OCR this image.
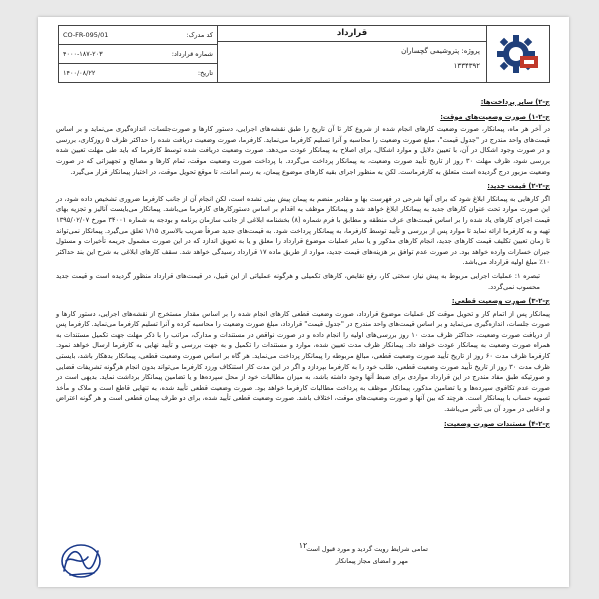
CO-FR-095/01	کد مدرک:
۴۰۰۰-۱۸۷-۲۰۳	شماره قرارداد:
۱۴۰۰/۰۸/۲۲	تاریخ:
قرارداد
پروژه: پتروشیمی گچساران
۱۳۳۴۳۹۲
ج-۲) سایر پرداخت‌ها:
ج-۲-۱) صورت وضعیت‌های موقت:

در آخر هر ماه، پیمانکار، صورت وضعیت کارهای انجام شده از شروع کار تا آن تاریخ را طبق نقشه‌های اجرایی، دستور کارها و صورت‌جلسات، اندازه‌گیری می‌نماید و بر اساس قیمت‌های واحد مندرج در "جدول قیمت"، مبلغ صورت وضعیت را محاسبه و آنرا تسلیم کارفرما می‌نماید. کارفرما، صورت وضعیت دریافت شده را حداکثر ظرف ۵ روزکاری، بررسی و در صورت وجود اشکال در آن، با تعیین دلایل و موارد اشکال، برای اصلاح به پیمانکار عودت می‌دهد. صورت وضعیت دریافت شده توسط کارفرما که باید طی مهلت تعیین شده بررسی شود، ظرف مهلت ۳۰ روز از تاریخ تأیید صورت وضعیت، به پیمانکار پرداخت می‌گردد. با پرداخت صورت وضعیت موقت، تمام کارها و مصالح و تجهیزاتی که در صورت وضعیت مزبور درج گردیده است متعلق به کارفرماست. لکن به منظور اجرای بقیه کارهای موضوع پیمان، به رسم امانت، تا موقع تحویل موقت، در اختیار پیمانکار قرار می‌گیرد.

ج-۲-۲) قیمت جدید:

اگر کارهایی به پیمانکار ابلاغ شود که برای آنها شرحی در فهرست بها و مقادیر منضم به پیمان پیش بینی نشده است، لکن انجام آن از جانب کارفرما ضروری تشخیص داده شود، در این صورت موارد تحت عنوان کارهای جدید به پیمانکار ابلاغ خواهد شد و پیمانکار موظف به اقدام بر اساس دستورکارهای کارفرما می‌باشد. پیمانکار می‌بایست آنالیز و تجزیه بهای قیمت اجرای کارهای یاد شده را بر اساس قیمت‌های عرف منطقه و مطابق با فرم شماره (۸) بخشنامه ابلاغی از جانب سازمان برنامه و بودجه به شماره ۳۴۰۰۱ مورخ ۱۳۹۵/۰۲/۰۷ تهیه و به کارفرما ارائه نماید تا موارد پس از بررسی و تأیید توسط کارفرما، به پیمانکار پرداخت شود. به قیمت‌های جدید صرفاً ضریب بالاسری ۱/۱۵ تعلق می‌گیرد. پیمانکار نمی‌تواند تا زمان تعیین تکلیف قیمت کارهای جدید، انجام کارهای مذکور و یا سایر عملیات موضوع قرارداد را معلق و یا به تعویق اندازد که در این صورت مشمول جریمه تأخیرات و مسئول جبران خسارات وارده خواهد بود. در صورت عدم توافق بر هزینه‌های قیمت جدید، موارد از طریق ماده ۱۷ قرارداد رسیدگی خواهد شد. سقف کارهای ابلاغی به شرح این بند حداکثر ۱۰٪ مبلغ اولیه قرارداد می‌باشد.

تبصره ۱: عملیات اجرایی مربوط به پیش نیاز، سختی کار، رفع نقایص، کارهای تکمیلی و هرگونه عملیاتی از این قبیل، در قیمت‌های قرارداد منظور گردیده است و قیمت جدید محسوب نمی‌گردد.

ج-۲-۳) صورت وضعیت قطعی:

پیمانکار پس از اتمام کار و تحویل موقت کل عملیات موضوع قرارداد، صورت وضعیت قطعی کارهای انجام شده را بر اساس مقدار مستخرج از نقشه‌های اجرایی، دستور کارها و صورت جلسات، اندازه‌گیری می‌نماید و بر اساس قیمت‌های واحد مندرج در "جدول قیمت" قرارداد، مبلغ صورت وضعیت را محاسبه کرده و آنرا تسلیم کارفرما می‌نماید. کارفرما پس از دریافت صورت وضعیت، حداکثر ظرف مدت ۱۰ روز بررسی‌های اولیه را انجام داده و در صورت نواقص در مستندات و مدارک، مراتب را با ذکر مهلت جهت تکمیل مستندات به همراه صورت وضعیت به پیمانکار عودت خواهد داد. پیمانکار ظرف مدت تعیین شده، موارد و مستندات را تکمیل و به جهت بررسی و تأیید نهایی به کارفرما ارسال خواهد نمود. کارفرما ظرف مدت ۶۰ روز از تاریخ تأیید صورت وضعیت قطعی، مبالغ مربوطه را پیمانکار پرداخت می‌نماید. هر گاه بر اساس صورت وضعیت قطعی، پیمانکار بدهکار باشد، بایستی ظرف مدت ۳۰ روز از تاریخ تأیید صورت وضعیت قطعی، طلب خود را به کارفرما بپردازد و اگر در این مدت کار استنکاف ورزد کارفرما می‌تواند بدون انجام هرگونه تشریفات قضایی و صورتیکه طبق مفاد مندرج در این قرارداد مواردی برای ضبط آنها وجود داشته باشد، به میزان مطالبات خود از محل سپرده‌ها و یا تضامین پیمانکار برداشت نماید. بدیهی است در صورت عدم تکافوی سپرده‌ها و یا تضامین مذکور، پیمانکار موظف به پرداخت مطالبات کارفرما خواهد بود. صورت وضعیت قطعی تأیید شده، به تنهایی قاطع است و ملاک و مأخذ تسویه حساب با پیمانکار است. هرچند که بین آنها و صورت وضعیت‌های موقت، اختلاف باشد. صورت وضعیت قطعی تأیید شده، برای دو طرف پیمان قطعی است و هر گونه اعتراض و ادعایی در مورد آن بی تأثیر می‌باشد.

ج-۲-۴) مستندات صورت وضعیت:
۱۲
تمامی شرایط رویت گردید و مورد قبول است
مهر و امضای مجاز پیمانکار
